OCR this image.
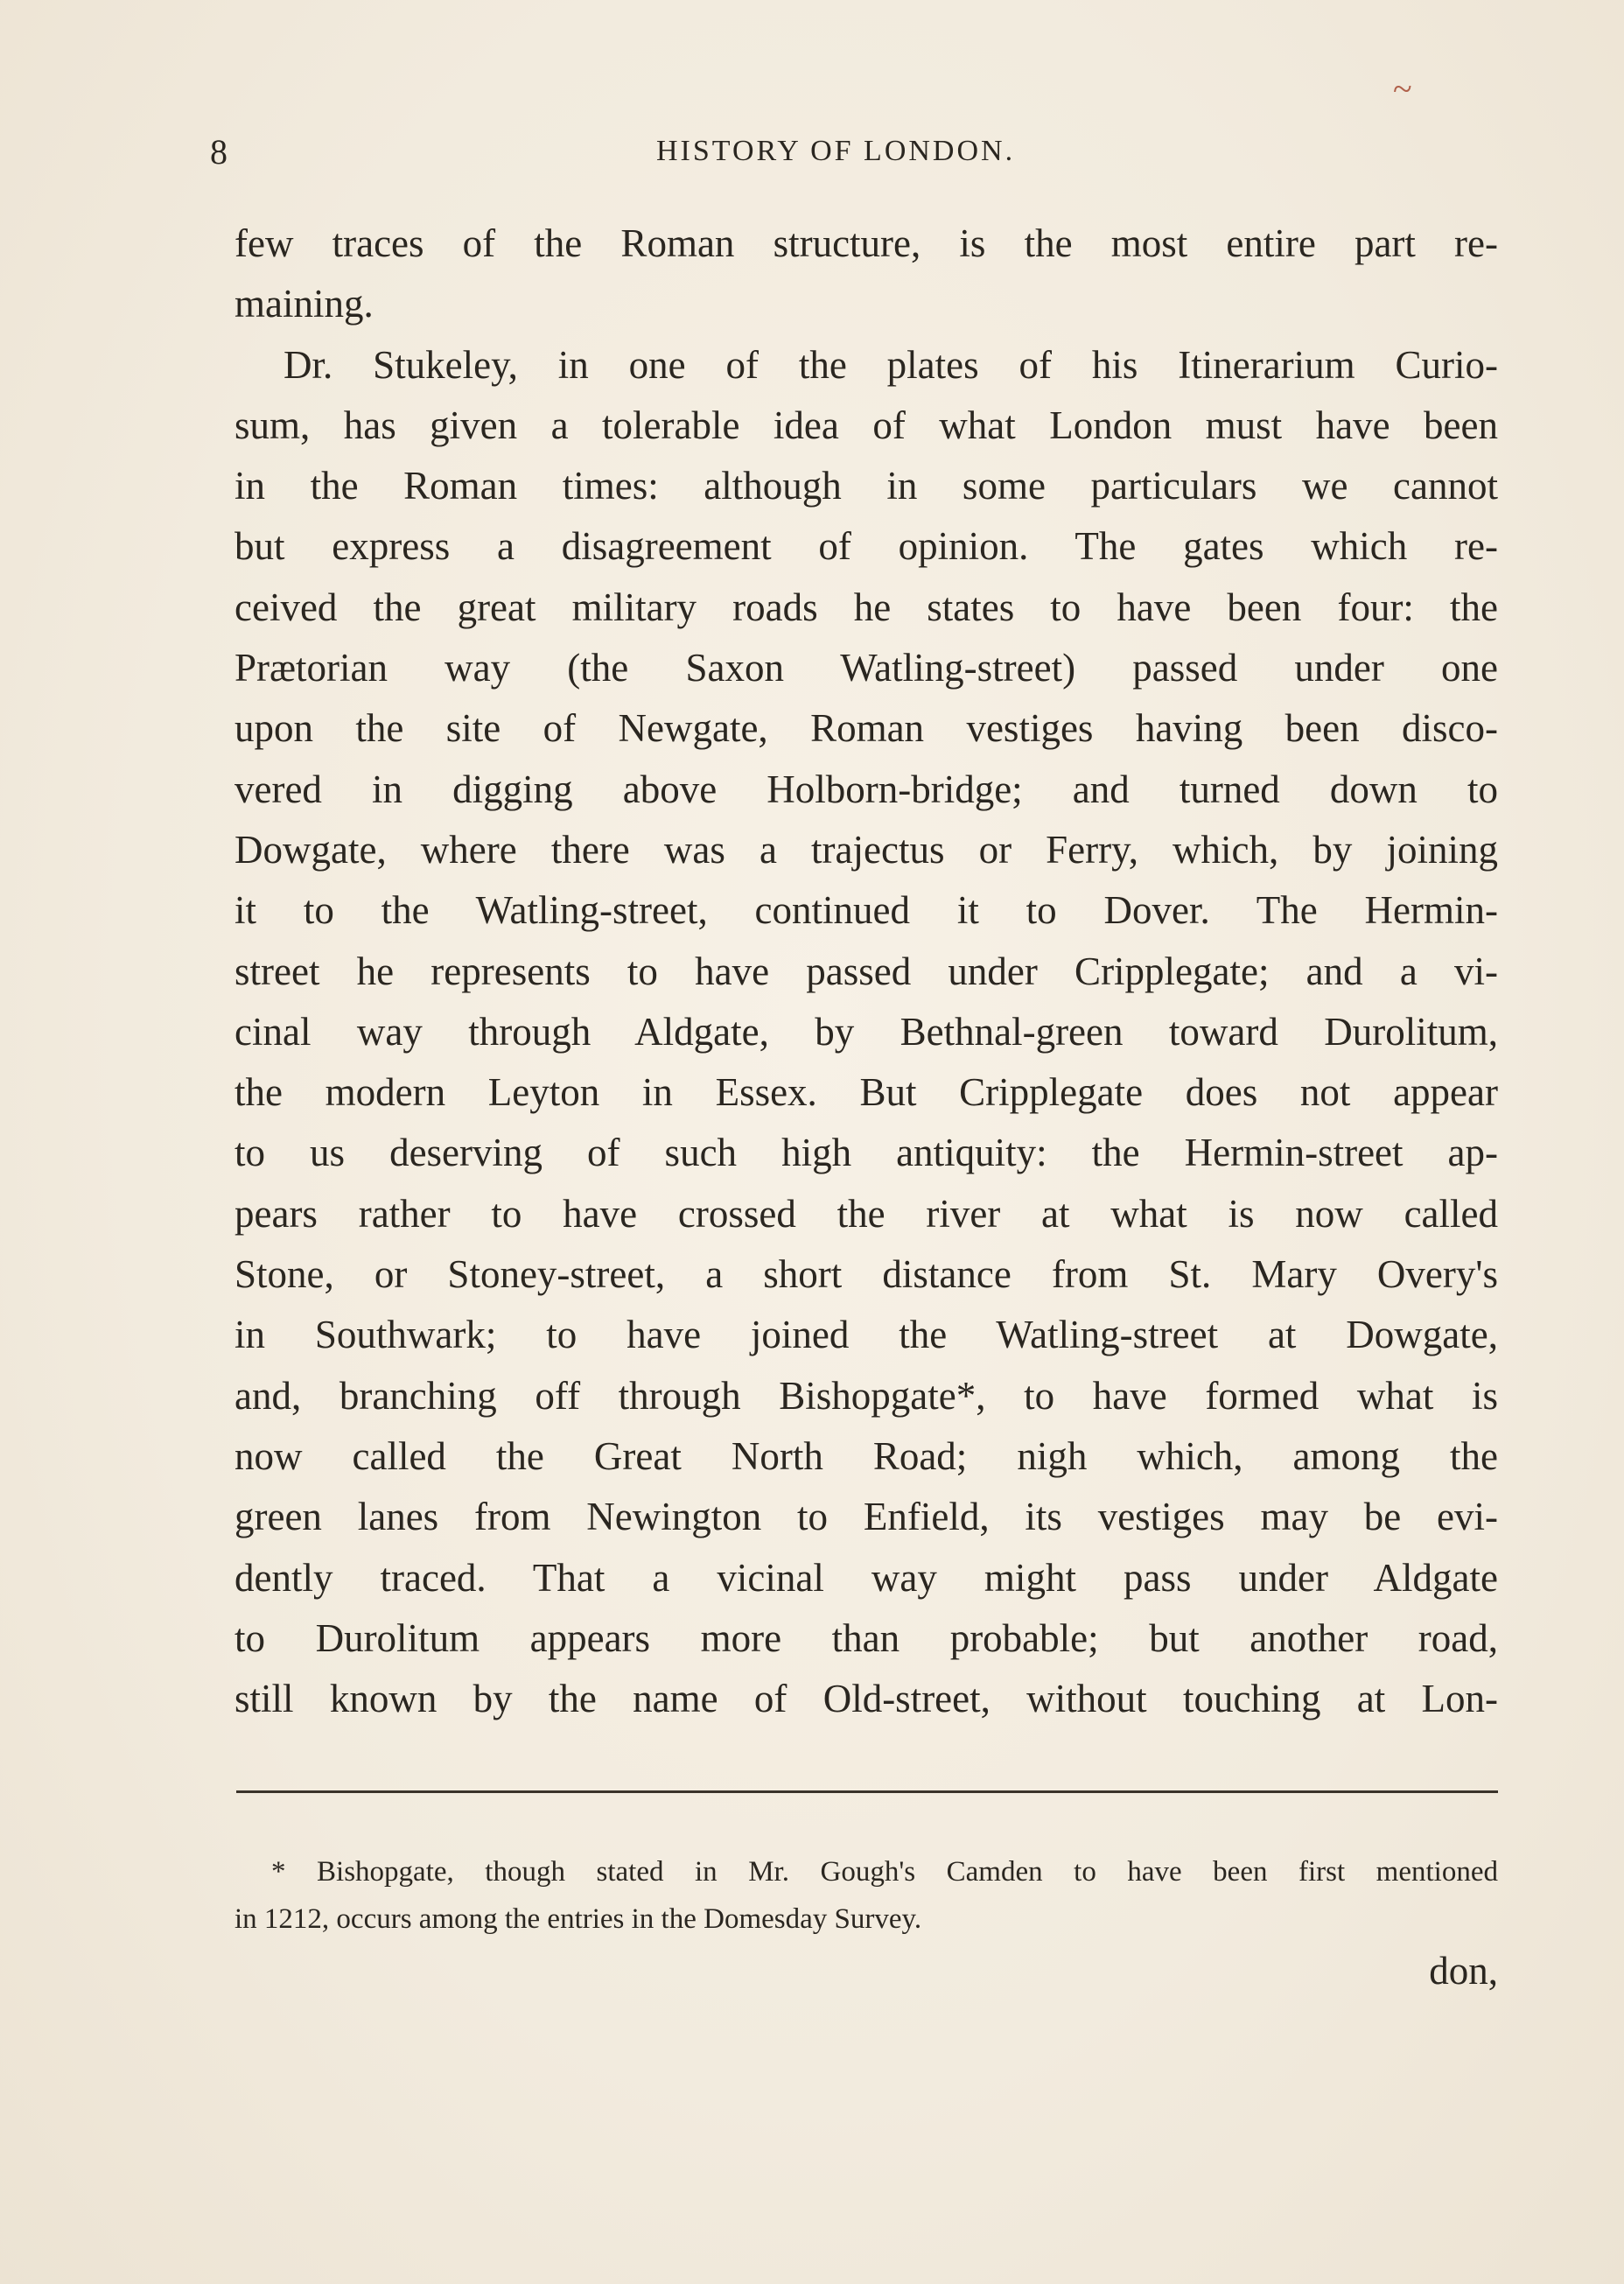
~
8	HISTORY OF LONDON.
few traces of the Roman structure, is the most entire part re-
maining.
Dr. Stukeley, in one of the plates of his Itinerarium Curio-
sum, has given a tolerable idea of what London must have been
in the Roman times: although in some particulars we cannot
but express a disagreement of opinion. The gates which re-
ceived the great military roads he states to have been four: the
Prætorian way (the Saxon Watling-street) passed under one
upon the site of Newgate, Roman vestiges having been disco-
vered in digging above Holborn-bridge; and turned down to
Dowgate, where there was a trajectus or Ferry, which, by joining
it to the Watling-street, continued it to Dover. The Hermin-
street he represents to have passed under Cripplegate; and a vi-
cinal way through Aldgate, by Bethnal-green toward Durolitum,
the modern Leyton in Essex. But Cripplegate does not appear
to us deserving of such high antiquity: the Hermin-street ap-
pears rather to have crossed the river at what is now called
Stone, or Stoney-street, a short distance from St. Mary Overy's
in Southwark; to have joined the Watling-street at Dowgate,
and, branching off through Bishopgate*, to have formed what is
now called the Great North Road; nigh which, among the
green lanes from Newington to Enfield, its vestiges may be evi-
dently traced. That a vicinal way might pass under Aldgate
to Durolitum appears more than probable; but another road,
still known by the name of Old-street, without touching at Lon-
* Bishopgate, though stated in Mr. Gough's Camden to have been first mentioned
in 1212, occurs among the entries in the Domesday Survey.
don,
